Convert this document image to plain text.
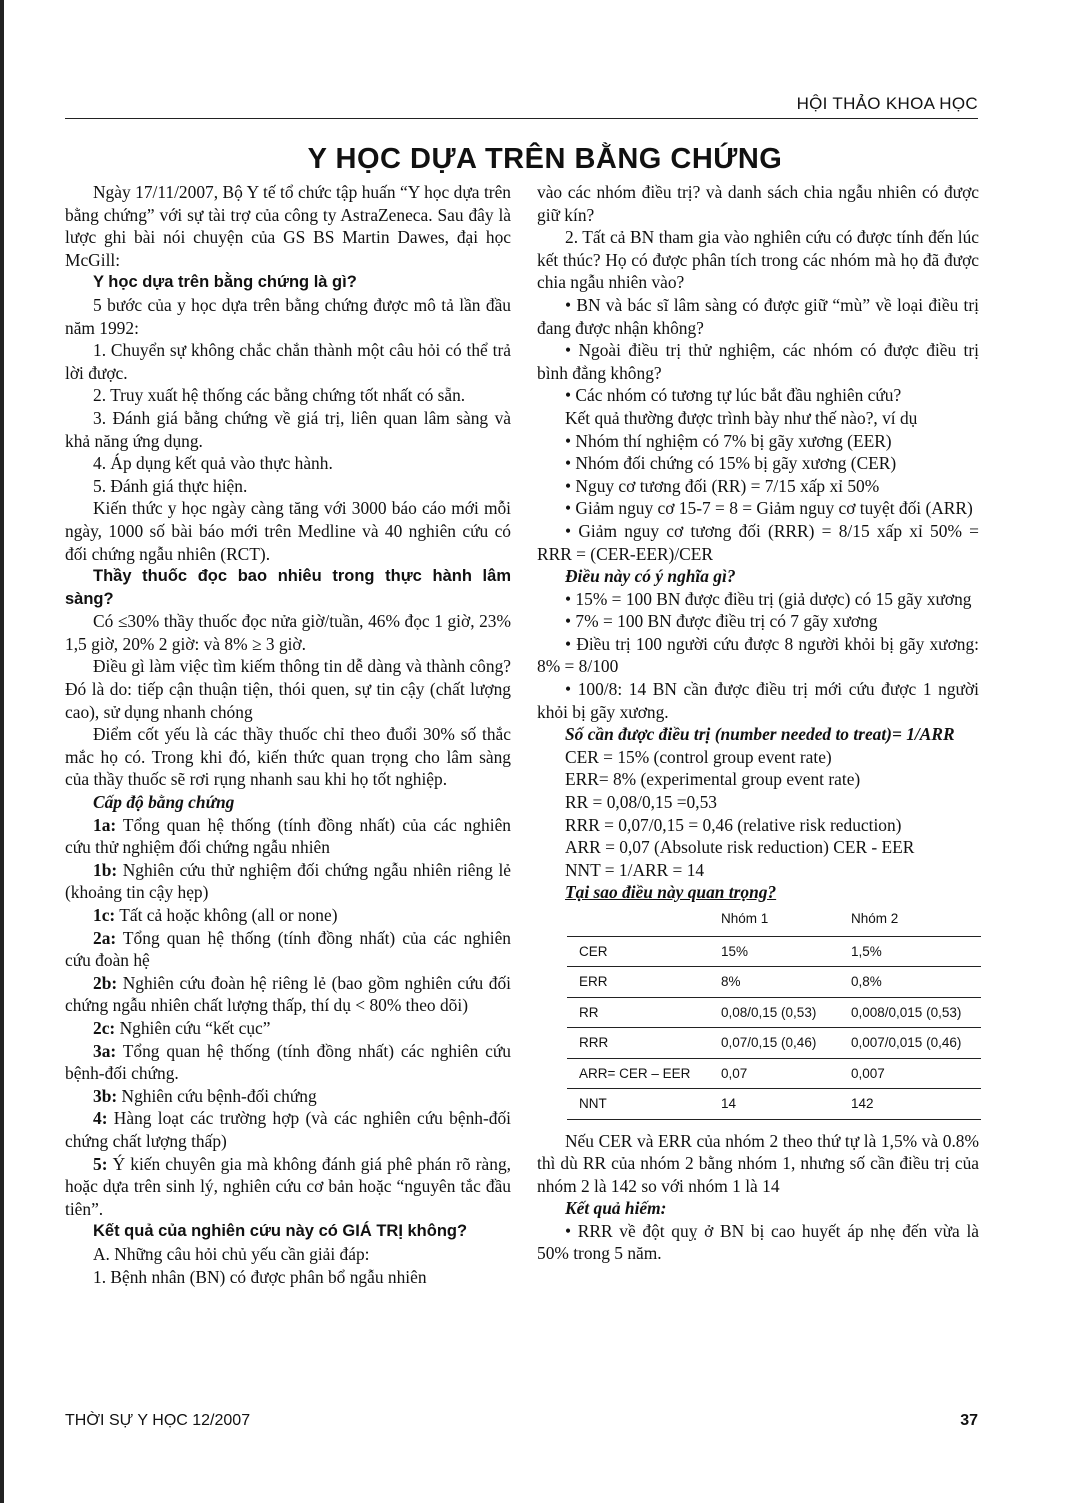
HỘI THẢO KHOA HỌC
Y HỌC DỰA TRÊN BẰNG CHỨNG

Ngày 17/11/2007, Bộ Y tế tổ chức tập huấn “Y học dựa trên bằng chứng” với sự tài trợ của công ty AstraZeneca. Sau đây là lược ghi bài nói chuyện của GS BS Martin Dawes, đại học McGill:

Y học dựa trên bằng chứng là gì?

5 bước của y học dựa trên bằng chứng được mô tả lần đầu năm 1992:

1. Chuyển sự không chắc chắn thành một câu hỏi có thể trả lời được.

2. Truy xuất hệ thống các bằng chứng tốt nhất có sẵn.

3. Đánh giá bằng chứng về giá trị, liên quan lâm sàng và khả năng ứng dụng.

4. Áp dụng kết quả vào thực hành.

5. Đánh giá thực hiện.

Kiến thức y học ngày càng tăng với 3000 báo cáo mới mỗi ngày, 1000 số bài báo mới trên Medline và 40 nghiên cứu có đối chứng ngẫu nhiên (RCT).

Thầy thuốc đọc bao nhiêu trong thực hành lâm sàng?

Có ≤30% thầy thuốc đọc nửa giờ/tuần, 46% đọc 1 giờ, 23% 1,5 giờ, 20% 2 giờ: và 8% ≥ 3 giờ.

Điều gì làm việc tìm kiếm thông tin dễ dàng và thành công? Đó là do: tiếp cận thuận tiện, thói quen, sự tin cậy (chất lượng cao), sử dụng nhanh chóng

Điểm cốt yếu là các thầy thuốc chỉ theo đuổi 30% số thắc mắc họ có. Trong khi đó, kiến thức quan trọng cho lâm sàng của thầy thuốc sẽ rơi rụng nhanh sau khi họ tốt nghiệp.

Cấp độ bằng chứng

1a: Tổng quan hệ thống (tính đồng nhất) của các nghiên cứu thử nghiệm đối chứng ngẫu nhiên

1b: Nghiên cứu thử nghiệm đối chứng ngẫu nhiên riêng lẻ (khoảng tin cậy hẹp)

1c: Tất cả hoặc không (all or none)

2a: Tổng quan hệ thống (tính đồng nhất) của các nghiên cứu đoàn hệ

2b: Nghiên cứu đoàn hệ riêng lẻ (bao gồm nghiên cứu đối chứng ngẫu nhiên chất lượng thấp, thí dụ < 80% theo dõi)

2c: Nghiên cứu “kết cục”

3a: Tổng quan hệ thống (tính đồng nhất) các nghiên cứu bệnh-đối chứng.

3b: Nghiên cứu bệnh-đối chứng

4: Hàng loạt các trường hợp (và các nghiên cứu bệnh-đối chứng chất lượng thấp)

5: Ý kiến chuyên gia mà không đánh giá phê phán rõ ràng, hoặc dựa trên sinh lý, nghiên cứu cơ bản hoặc “nguyên tắc đầu tiên”.

Kết quả của nghiên cứu này có GIÁ TRỊ không?

A. Những câu hỏi chủ yếu cần giải đáp:

1. Bệnh nhân (BN) có được phân bổ ngẫu nhiên

vào các nhóm điều trị? và danh sách chia ngẫu nhiên có được giữ kín?

2. Tất cả BN tham gia vào nghiên cứu có được tính đến lúc kết thúc? Họ có được phân tích trong các nhóm mà họ đã được chia ngẫu nhiên vào?

• BN và bác sĩ lâm sàng có được giữ “mù” về loại điều trị đang được nhận không?

• Ngoài điều trị thử nghiệm, các nhóm có được điều trị bình đẳng không?

• Các nhóm có tương tự lúc bắt đầu nghiên cứu?

Kết quả thường được trình bày như thế nào?, ví dụ

• Nhóm thí nghiệm có 7% bị gãy xương (EER)

• Nhóm đối chứng có 15% bị gãy xương (CER)

• Nguy cơ tương đối (RR) = 7/15 xấp xỉ 50%

• Giảm nguy cơ 15-7 = 8 = Giảm nguy cơ tuyệt đối (ARR)

• Giảm nguy cơ tương đối (RRR) = 8/15 xấp xỉ 50% = RRR = (CER-EER)/CER

Điều này có ý nghĩa gì?

• 15% = 100 BN được điều trị (giả dược) có 15 gãy xương

• 7% = 100 BN được điều trị có 7 gãy xương

• Điều trị 100 người cứu được 8 người khỏi bị gãy xương: 8% = 8/100

• 100/8: 14 BN cần được điều trị mới cứu được 1 người khỏi bị gãy xương.

Số cần được điều trị (number needed to treat)= 1/ARR

CER = 15% (control group event rate)

ERR= 8% (experimental group event rate)

RR = 0,08/0,15 =0,53

RRR = 0,07/0,15 = 0,46 (relative risk reduction)

ARR = 0,07 (Absolute risk reduction) CER - EER

NNT = 1/ARR = 14

Tại sao điều này quan trọng?

	Nhóm 1	Nhóm 2
CER	15%	1,5%
ERR	8%	0,8%
RR	0,08/0,15 (0,53)	0,008/0,015 (0,53)
RRR	0,07/0,15 (0,46)	0,007/0,015 (0,46)
ARR= CER – EER	0,07	0,007
NNT	14	142

Nếu CER và ERR của nhóm 2 theo thứ tự là 1,5% và 0.8% thì dù RR của nhóm 2 bằng nhóm 1, nhưng số cần điều trị của nhóm 2 là 142 so với nhóm 1 là 14

Kết quả hiếm:

• RRR về đột quỵ ở BN bị cao huyết áp nhẹ đến vừa là 50% trong 5 năm.

THỜI SỰ Y HỌC 12/2007	37
